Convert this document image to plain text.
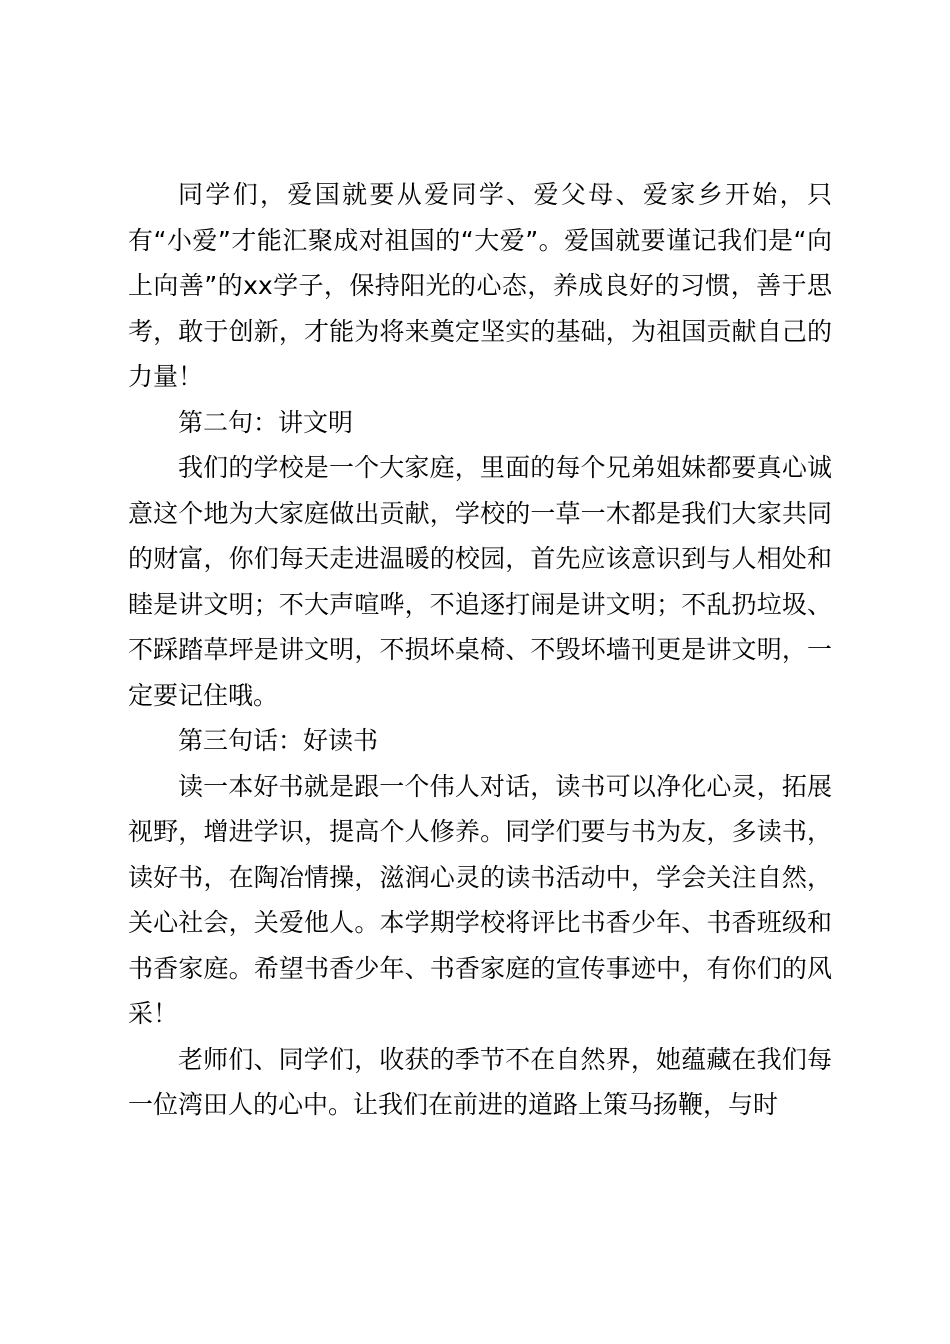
同学们，爱国就要从爱同学、爱父母、爱家乡开始，只有“小爱”才能汇聚成对祖国的“大爱”。爱国就要谨记我们是“向上向善”的xx学子，保持阳光的心态，养成良好的习惯，善于思考，敢于创新，才能为将来奠定坚实的基础，为祖国贡献自己的力量！

第二句：讲文明

我们的学校是一个大家庭，里面的每个兄弟姐妹都要真心诚意这个地为大家庭做出贡献，学校的一草一木都是我们大家共同的财富，你们每天走进温暖的校园，首先应该意识到与人相处和睦是讲文明；不大声喧哗，不追逐打闹是讲文明；不乱扔垃圾、不踩踏草坪是讲文明，不损坏桌椅、不毁坏墙刊更是讲文明，一定要记住哦。

第三句话：好读书

读一本好书就是跟一个伟人对话，读书可以净化心灵，拓展视野，增进学识，提高个人修养。同学们要与书为友，多读书，读好书，在陶冶情操，滋润心灵的读书活动中，学会关注自然，关心社会，关爱他人。本学期学校将评比书香少年、书香班级和书香家庭。希望书香少年、书香家庭的宣传事迹中，有你们的风采！

老师们、同学们，收获的季节不在自然界，她蕴藏在我们每一位湾田人的心中。让我们在前进的道路上策马扬鞭，与时
